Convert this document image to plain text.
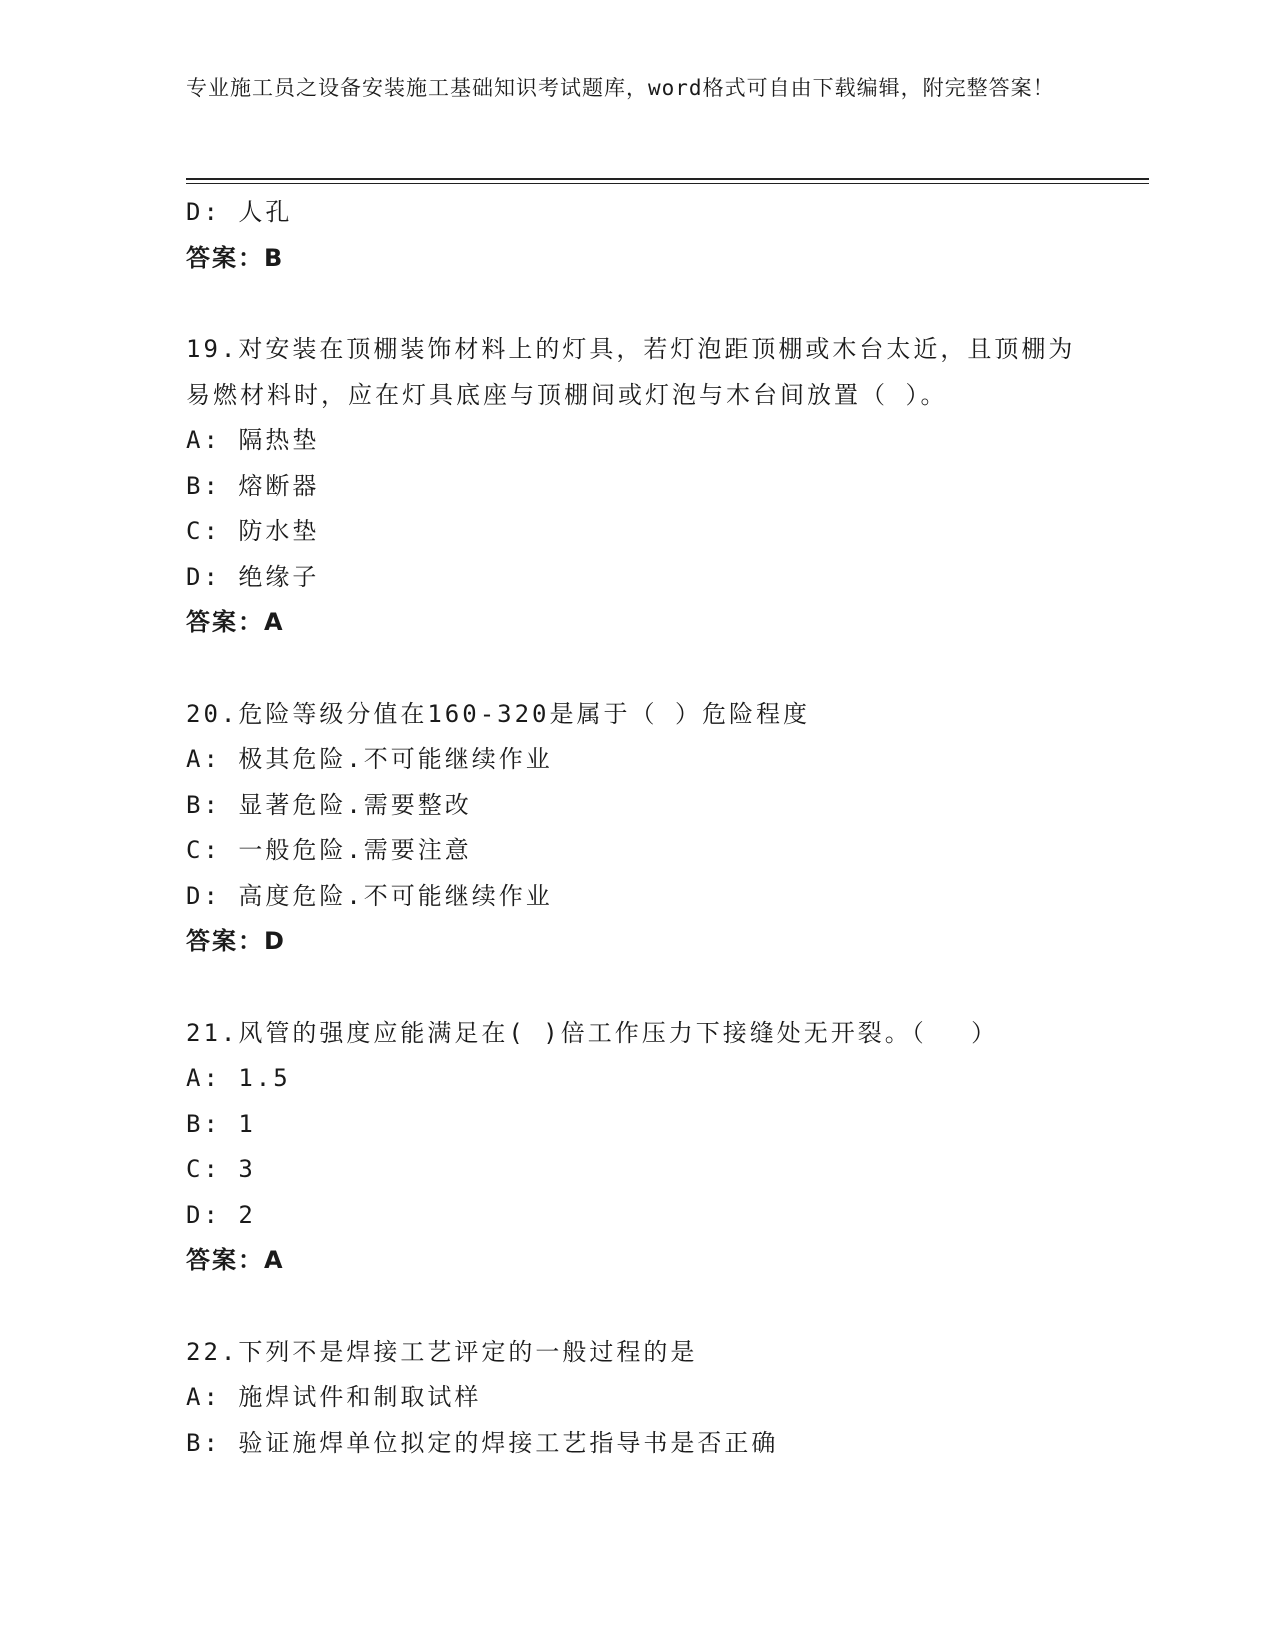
专业施工员之设备安装施工基础知识考试题库，word格式可自由下载编辑，附完整答案！
D: 人孔
答案：B
19.对安装在顶棚装饰材料上的灯具，若灯泡距顶棚或木台太近，且顶棚为易燃材料时，应在灯具底座与顶棚间或灯泡与木台间放置（ ）。
A: 隔热垫
B: 熔断器
C: 防水垫
D: 绝缘子
答案：A
20.危险等级分值在160-320是属于（ ）危险程度
A: 极其危险.不可能继续作业
B: 显著危险.需要整改
C: 一般危险.需要注意
D: 高度危险.不可能继续作业
答案：D
21.风管的强度应能满足在( )倍工作压力下接缝处无开裂。（　 ）
A: 1.5
B: 1
C: 3
D: 2
答案：A
22.下列不是焊接工艺评定的一般过程的是
A: 施焊试件和制取试样
B: 验证施焊单位拟定的焊接工艺指导书是否正确
